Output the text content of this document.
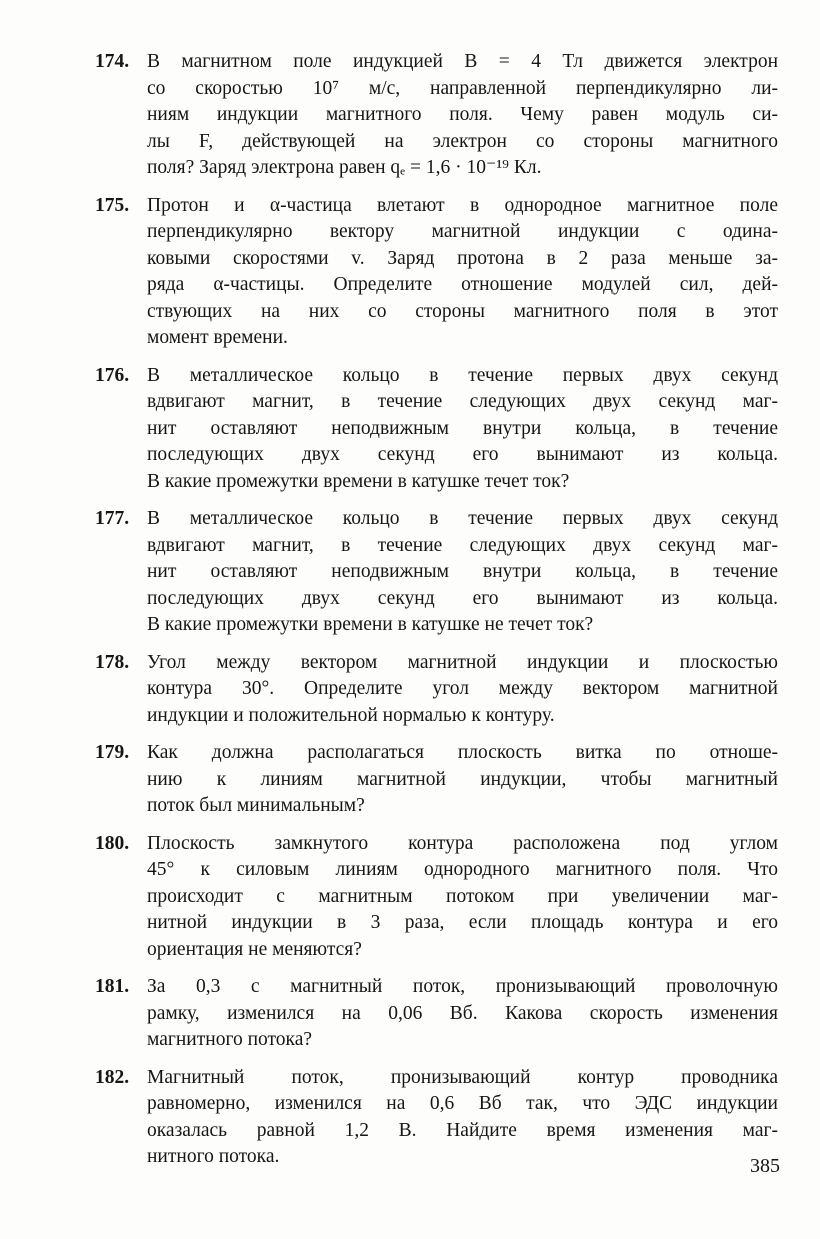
174. В магнитном поле индукцией B = 4 Тл движется электрон
со скоростью 10⁷ м/с, направленной перпендикулярно ли-
ниям индукции магнитного поля. Чему равен модуль си-
лы F, действующей на электрон со стороны магнитного
поля? Заряд электрона равен qₑ = 1,6 · 10⁻¹⁹ Кл.
175. Протон и α-частица влетают в однородное магнитное поле
перпендикулярно вектору магнитной индукции с одина-
ковыми скоростями v. Заряд протона в 2 раза меньше за-
ряда α-частицы. Определите отношение модулей сил, дей-
ствующих на них со стороны магнитного поля в этот
момент времени.
176. В металлическое кольцо в течение первых двух секунд
вдвигают магнит, в течение следующих двух секунд маг-
нит оставляют неподвижным внутри кольца, в течение
последующих двух секунд его вынимают из кольца.
В какие промежутки времени в катушке течет ток?
177. В металлическое кольцо в течение первых двух секунд
вдвигают магнит, в течение следующих двух секунд маг-
нит оставляют неподвижным внутри кольца, в течение
последующих двух секунд его вынимают из кольца.
В какие промежутки времени в катушке не течет ток?
178. Угол между вектором магнитной индукции и плоскостью
контура 30°. Определите угол между вектором магнитной
индукции и положительной нормалью к контуру.
179. Как должна располагаться плоскость витка по отноше-
нию к линиям магнитной индукции, чтобы магнитный
поток был минимальным?
180. Плоскость замкнутого контура расположена под углом
45° к силовым линиям однородного магнитного поля. Что
происходит с магнитным потоком при увеличении маг-
нитной индукции в 3 раза, если площадь контура и его
ориентация не меняются?
181. За 0,3 с магнитный поток, пронизывающий проволочную
рамку, изменился на 0,06 Вб. Какова скорость изменения
магнитного потока?
182. Магнитный поток, пронизывающий контур проводника
равномерно, изменился на 0,6 Вб так, что ЭДС индукции
оказалась равной 1,2 В. Найдите время изменения маг-
нитного потока.	385
